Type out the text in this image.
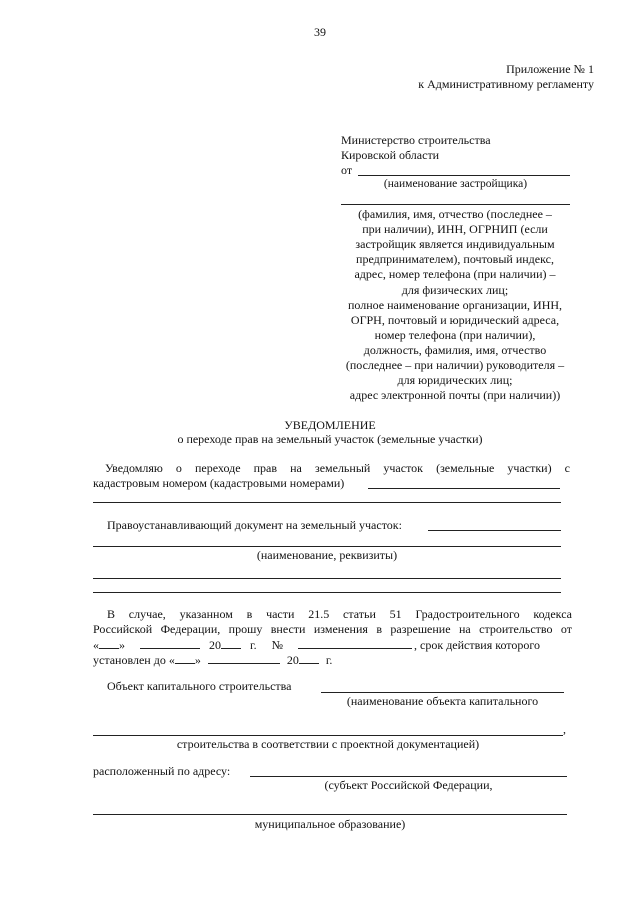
39
Приложение № 1
к Административному регламенту
Министерство строительства
Кировской области
от
(наименование застройщика)
(фамилия, имя, отчество (последнее –
при наличии), ИНН, ОГРНИП (если
застройщик является индивидуальным
предпринимателем), почтовый индекс,
адрес, номер телефона (при наличии) –
для физических лиц;
полное наименование организации, ИНН,
ОГРН, почтовый и юридический адреса,
номер телефона (при наличии),
должность, фамилия, имя, отчество
(последнее – при наличии) руководителя –
для юридических лиц;
адрес электронной почты (при наличии))
УВЕДОМЛЕНИЕ
о переходе прав на земельный участок (земельные участки)
Уведомляю о переходе прав на земельный участок (земельные участки) с
кадастровым номером (кадастровыми номерами)
Правоустанавливающий документ на земельный участок:
(наименование, реквизиты)
В случае, указанном в части 21.5 статьи 51 Градостроительного кодекса
Российской Федерации, прошу внести изменения в разрешение на строительство от
« »	20 г. №	, срок действия которого
установлен до « »	20 г.
Объект капитального строительства
(наименование объекта капитального
,
строительства в соответствии с проектной документацией)
расположенный по адресу:
(субъект Российской Федерации,
муниципальное образование)
